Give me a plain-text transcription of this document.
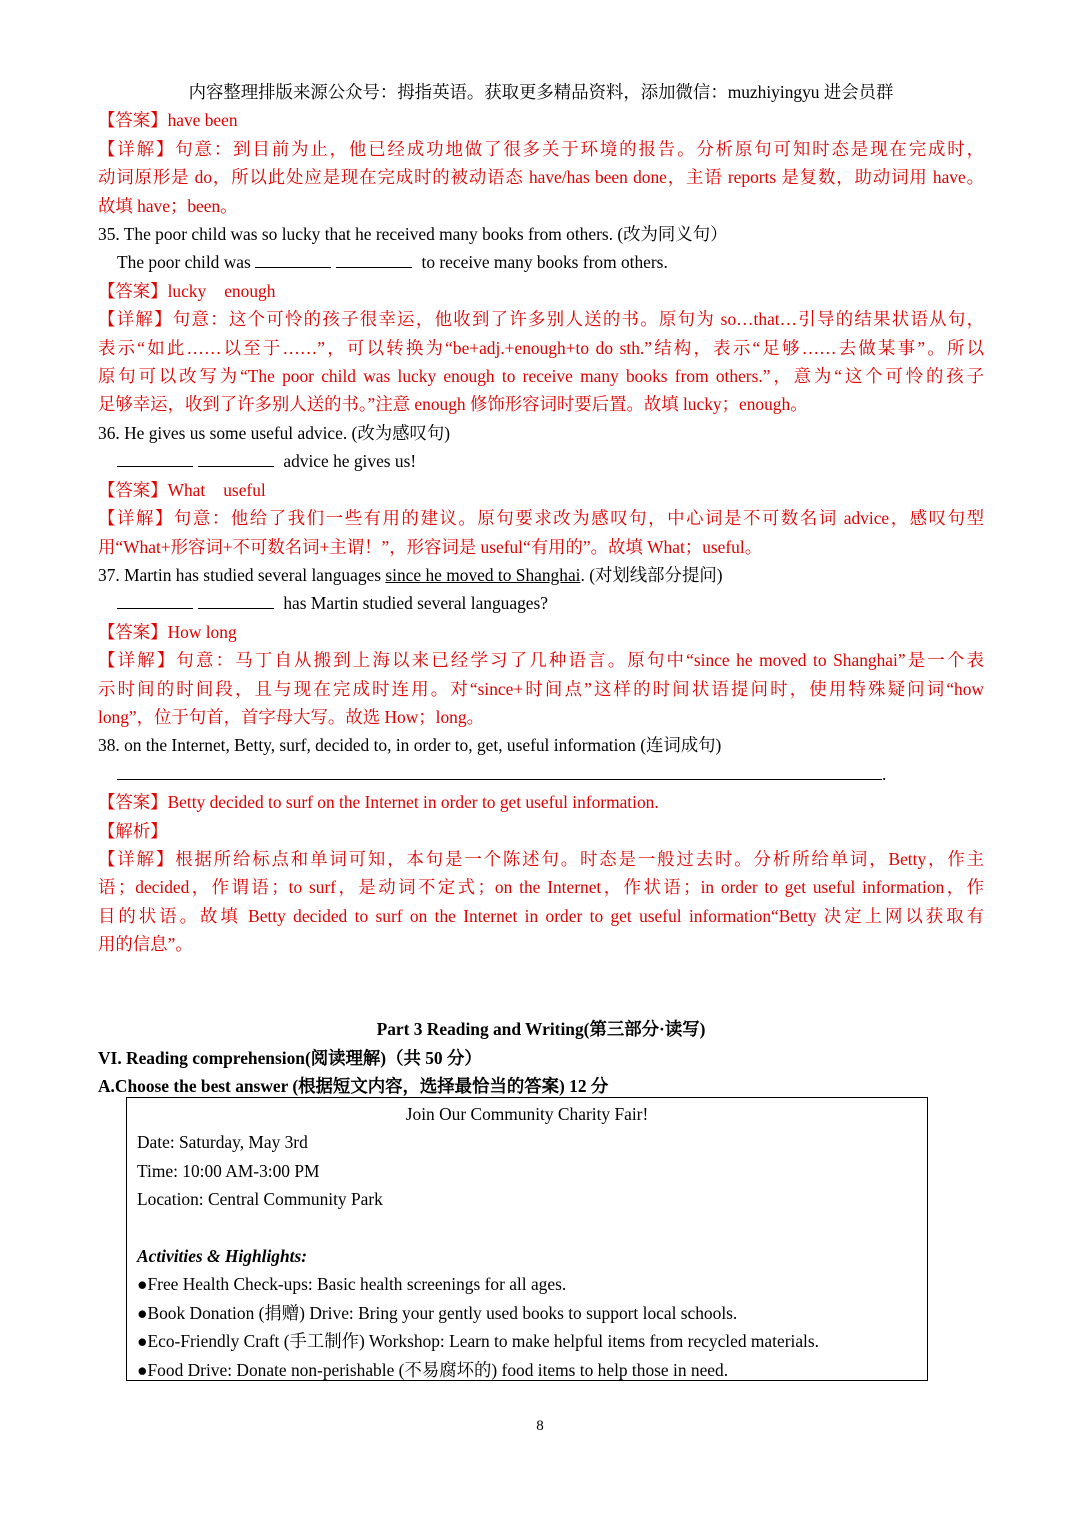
内容整理排版来源公众号：拇指英语。获取更多精品资料，添加微信：muzhiyingyu 进会员群
【答案】have been
【详解】句意：到目前为止，他已经成功地做了很多关于环境的报告。分析原句可知时态是现在完成时，
动词原形是 do，所以此处应是现在完成时的被动语态 have/has been done，主语 reports 是复数，助动词用 have。
故填 have；been。
35. The poor child was so lucky that he received many books from others. (改为同义句）
The poor child was	to receive many books from others.
【答案】lucky enough
【详解】句意：这个可怜的孩子很幸运，他收到了许多别人送的书。原句为 so…that…引导的结果状语从句，
表示“如此……以至于……”，可以转换为“be+adj.+enough+to do sth.”结构，表示“足够……去做某事”。所以
原句可以改写为“The poor child was lucky enough to receive many books from others.”，意为“这个可怜的孩子
足够幸运，收到了许多别人送的书。”注意 enough 修饰形容词时要后置。故填 lucky；enough。
36. He gives us some useful advice. (改为感叹句)
advice he gives us!
【答案】What useful
【详解】句意：他给了我们一些有用的建议。原句要求改为感叹句，中心词是不可数名词 advice，感叹句型
用“What+形容词+不可数名词+主谓！”，形容词是 useful“有用的”。故填 What；useful。
37. Martin has studied several languages since he moved to Shanghai. (对划线部分提问)
has Martin studied several languages?
【答案】How long
【详解】句意：马丁自从搬到上海以来已经学习了几种语言。原句中“since he moved to Shanghai”是一个表
示时间的时间段，且与现在完成时连用。对“since+时间点”这样的时间状语提问时，使用特殊疑问词“how
long”，位于句首，首字母大写。故选 How；long。
38. on the Internet, Betty, surf, decided to, in order to, get, useful information (连词成句)
.
【答案】Betty decided to surf on the Internet in order to get useful information.
【解析】
【详解】根据所给标点和单词可知，本句是一个陈述句。时态是一般过去时。分析所给单词，Betty，作主
语；decided，作谓语；to surf，是动词不定式；on the Internet，作状语；in order to get useful information，作
目的状语。故填 Betty decided to surf on the Internet in order to get useful information“Betty 决定上网以获取有
用的信息”。
Part 3 Reading and Writing(第三部分·读写)
VI. Reading comprehension(阅读理解)（共 50 分）
A.Choose the best answer (根据短文内容，选择最恰当的答案) 12 分
Join Our Community Charity Fair!
Date: Saturday, May 3rd
Time: 10:00 AM-3:00 PM
Location: Central Community Park
Activities & Highlights:
●Free Health Check-ups: Basic health screenings for all ages.
●Book Donation (捐赠) Drive: Bring your gently used books to support local schools.
●Eco-Friendly Craft (手工制作) Workshop: Learn to make helpful items from recycled materials.
●Food Drive: Donate non-perishable (不易腐坏的) food items to help those in need.
8
